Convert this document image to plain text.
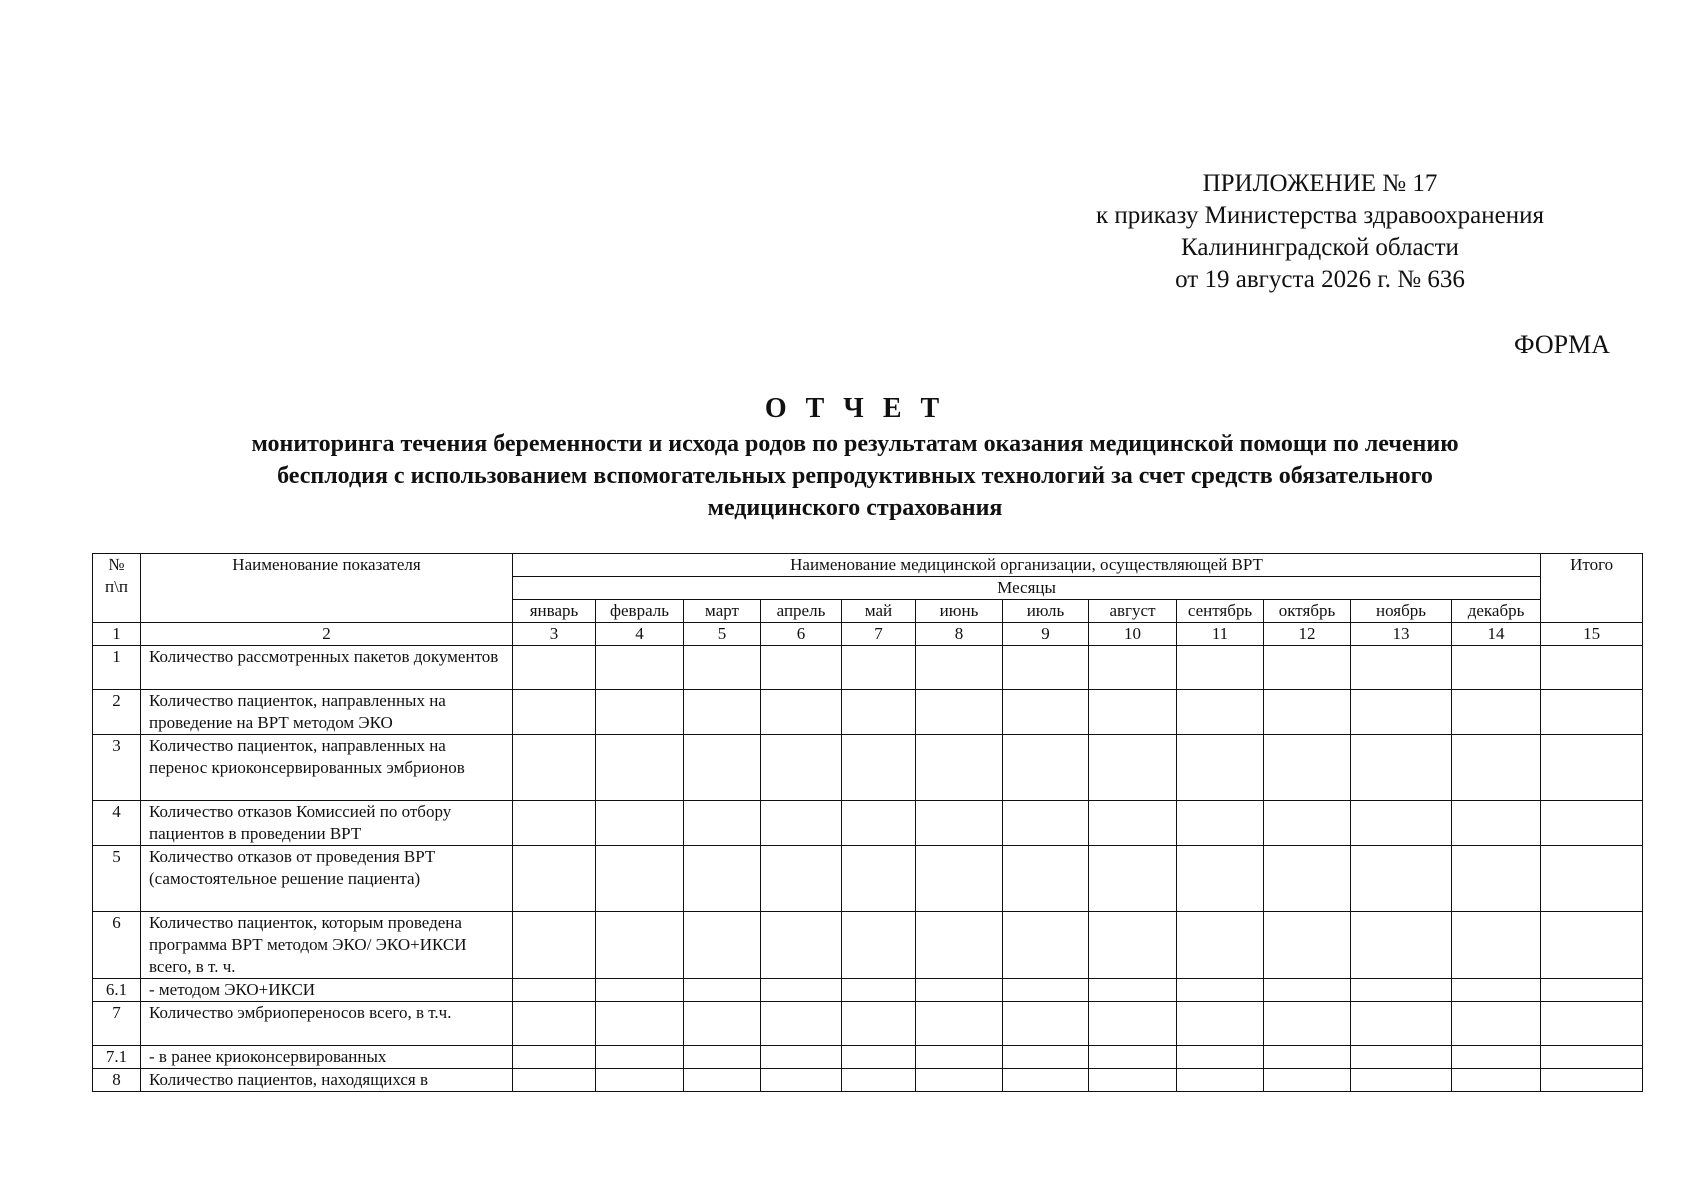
ПРИЛОЖЕНИЕ № 17
к приказу Министерства здравоохранения
Калининградской области
от 19 августа 2026 г. № 636
ФОРМА
О Т Ч Е Т
мониторинга течения беременности и исхода родов по результатам оказания медицинской помощи по лечению
бесплодия с использованием вспомогательных репродуктивных технологий за счет средств обязательного
медицинского страхования
№ п\п	Наименование показателя	Наименование медицинской организации, осуществляющей ВРТ												Итого
		Месяцы												
		январь	февраль	март	апрель	май	июнь	июль	август	сентябрь	октябрь	ноябрь	декабрь	
1	2	3	4	5	6	7	8	9	10	11	12	13	14	15
1	Количество рассмотренных пакетов документов													
2	Количество пациенток, направленных на проведение на ВРТ методом ЭКО													
3	Количество пациенток, направленных на перенос криоконсервированных эмбрионов													
4	Количество отказов Комиссией по отбору пациентов в проведении ВРТ													
5	Количество отказов от проведения ВРТ (самостоятельное решение пациента)													
6	Количество пациенток, которым проведена программа ВРТ методом ЭКО/ ЭКО+ИКСИ всего, в т. ч.													
6.1	- методом ЭКО+ИКСИ													
7	Количество эмбриопереносов всего, в т.ч.													
7.1	- в ранее криоконсервированных													
8	Количество пациентов, находящихся в													
